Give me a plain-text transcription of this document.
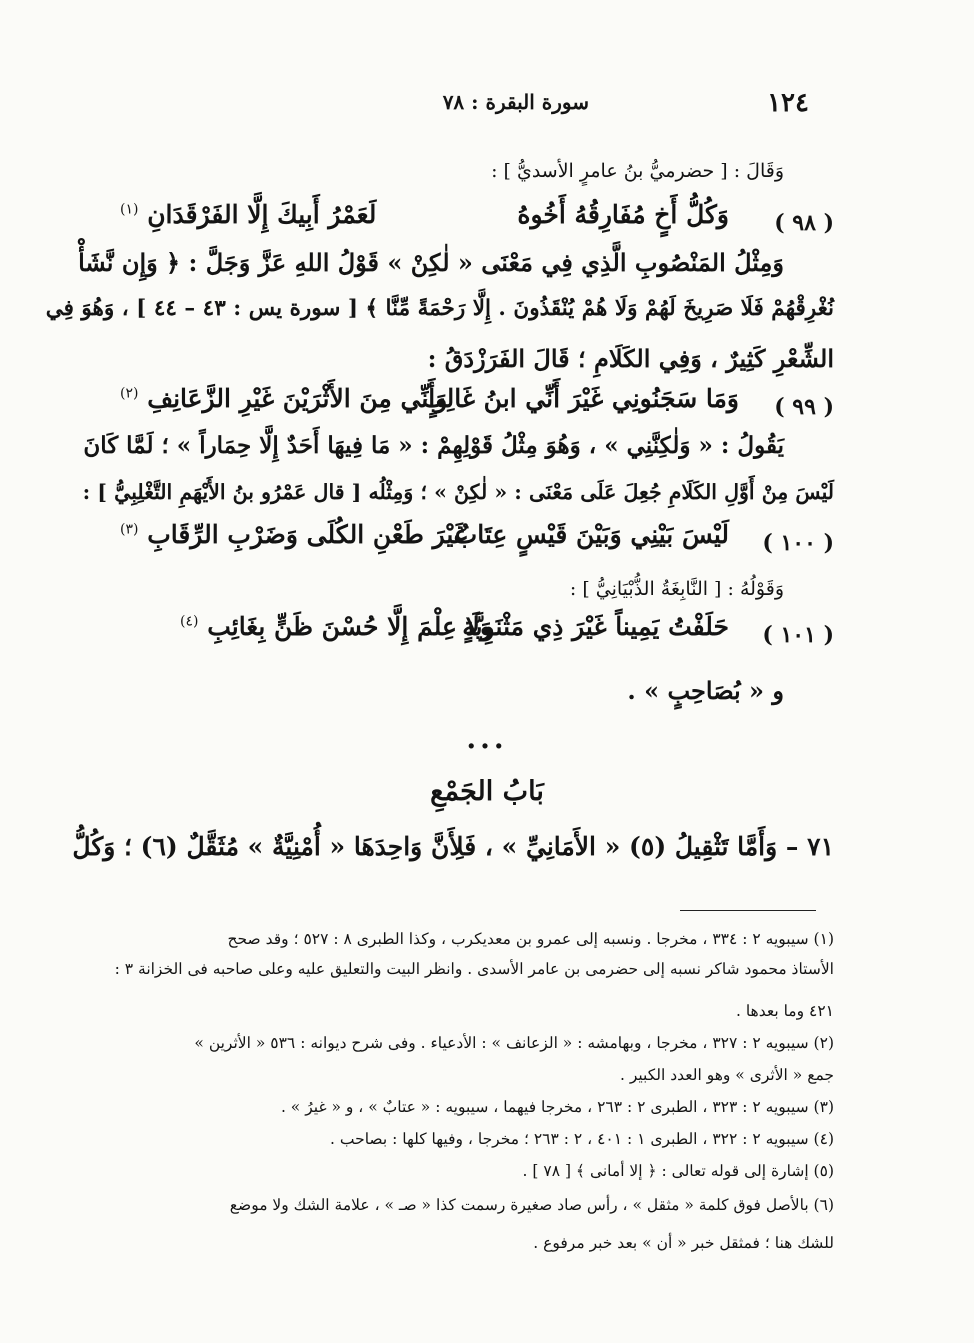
١٢٤
سورة البقرة : ٧٨
وَقَالَ : [ حضرميُّ بنُ عامرٍ الأسديُّ ] :
( ٩٨ )
وَكُلُّ أَخٍ مُفَارِقُهُ أَخُوهُ
لَعَمْرُ أَبِيكَ إِلَّا الفَرْقَدَانِ $^{(١)}$
وَمِثْلُ المَنْصُوبِ الَّذِي فِي مَعْنَى « لٰكِنْ » قَوْلُ اللهِ عَزَّ وَجَلَّ : ﴿ وَإِن نَّشَأْ
نُغْرِقْهُمْ فَلَا صَرِيخَ لَهُمْ وَلَا هُمْ يُنْقَذُونَ . إِلَّا رَحْمَةً مِّنَّا ﴾ [ سورة يس : ٤٣ – ٤٤ ] ، وَهُوَ فِي
الشِّعْرِ كَثِيرٌ ، وَفِي الكَلَامِ ؛ قَالَ الفَرَزْدَقُ :
( ٩٩ )
وَمَا سَجَنُونِي غَيْرَ أَنِّي ابنُ غَالِبٍ
وَأَنِّي مِنَ الأَثْرَيْنَ غَيْرِ الزَّعَانِفِ $^{(٢)}$
يَقُولُ : « وَلٰكِنَّنِي » ، وَهُوَ مِثْلُ قَوْلِهِمْ : « مَا فِيهَا أَحَدٌ إِلَّا حِمَاراً » ؛ لَمَّا كَانَ
لَيْسَ مِنْ أَوَّلِ الكَلَامِ جُعِلَ عَلَى مَعْنَى : « لٰكِنْ » ؛ وَمِثْلُه [ قال عَمْرُو بنُ الأَيْهَمِ التَّغْلِبِيُّ ] :
( ١٠٠ )
لَيْسَ بَيْنِي وَبَيْنَ قَيْسٍ عِتَابٌ
غَيْرَ طَعْنِ الكُلَى وَضَرْبِ الرِّقَابِ $^{(٣)}$
وَقَوْلُهُ : [ النَّابِغَةُ الذُّبْيَانِيُّ ] :
( ١٠١ )
حَلَفْتُ يَمِيناً غَيْرَ ذِي مَثْنَوِيَّةٍ
وَلَا عِلْمَ إِلَّا حُسْنَ ظَنٍّ بِغَائِبِ $^{(٤)}$
و « بُصَاحِبٍ » .
...
بَابُ الجَمْعِ
٧١ – وَأَمَّا تَثْقِيلُ (٥) « الأَمَانِيِّ » ، فَلِأَنَّ وَاحِدَهَا « أُمْنِيَّةٌ » مُثَقَّلٌ (٦) ؛ وَكُلُّ
(١) سيبويه ٢ : ٣٣٤ ، مخرجا . ونسبه إلى عمرو بن معديكرب ، وكذا الطبرى ٨ : ٥٢٧ ؛ وقد صحح
الأستاذ محمود شاكر نسبه إلى حضرمى بن عامر الأسدى . وانظر البيت والتعليق عليه وعلى صاحبه فى الخزانة ٣ :
٤٢١ وما بعدها .
(٢) سيبويه ٢ : ٣٢٧ ، مخرجا ، وبهامشه : « الزعانف » : الأدعياء . وفى شرح ديوانه : ٥٣٦ « الأثرين »
جمع « الأثرى » وهو العدد الكبير .
(٣) سيبويه ٢ : ٣٢٣ ، الطبرى ٢ : ٢٦٣ ، مخرجا فيهما ، سيبويه : « عتابٌ » ، و « غيرُ » .
(٤) سيبويه ٢ : ٣٢٢ ، الطبرى ١ : ٤٠١ ، ٢ : ٢٦٣ ؛ مخرجا ، وفيها كلها : بصاحب .
(٥) إشارة إلى قوله تعالى : ﴿ إلا أمانى ﴾ [ ٧٨ ] .
(٦) بالأصل فوق كلمة « مثقل » ، رأس صاد صغيرة رسمت كذا « صـ » ، علامة الشك ولا موضع
للشك هنا ؛ فمثقل خبر « أن » بعد خبر مرفوع .
